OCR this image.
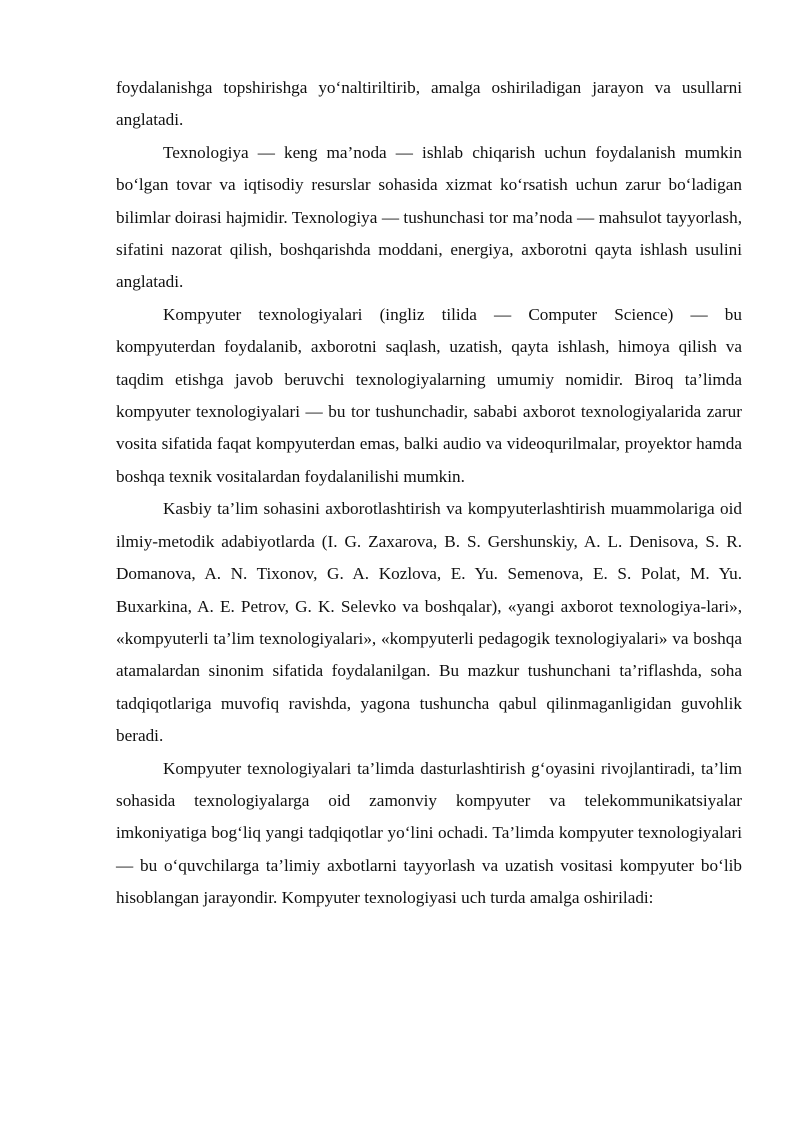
foydalanishga topshirishga yo‘naltiriltirib, amalga oshiriladigan jarayon va usullarni anglatadi.

Texnologiya — keng ma’noda — ishlab chiqarish uchun foydalanish mumkin bo‘lgan tovar va iqtisodiy resurslar sohasida xizmat ko‘rsatish uchun zarur bo‘ladigan bilimlar doirasi hajmidir. Texnologiya — tushunchasi tor ma’noda — mahsulot tayyorlash, sifatini nazorat qilish, boshqarishda moddani, energiya, axborotni qayta ishlash usulini anglatadi.

Kompyuter texnologiyalari (ingliz tilida — Computer Science) — bu kompyuterdan foydalanib, axborotni saqlash, uzatish, qayta ishlash, himoya qilish va taqdim etishga javob beruvchi texnologiyalarning umumiy nomidir. Biroq ta’limda kompyuter texnologiyalari — bu tor tushunchadir, sababi axborot texnologiyalarida zarur vosita sifatida faqat kompyuterdan emas, balki audio va videoqurilmalar, proyektor hamda boshqa texnik vositalardan foydalanilishi mumkin.

Kasbiy ta’lim sohasini axborotlashtirish va kompyuterlashtirish muammolariga oid ilmiy-metodik adabiyotlarda (I. G. Zaxarova, B. S. Gershunskiy, A. L. Denisova, S. R. Domanova, A. N. Tixonov, G. A. Kozlova, E. Yu. Semenova, E. S. Polat, M. Yu. Buxarkina, A. E. Petrov, G. K. Selevko va boshqalar), «yangi axborot texnologiya-lari», «kompyuterli ta’lim texnologiyalari», «kompyuterli pedagogik texnologiyalari» va boshqa atamalardan sinonim sifatida foydalanilgan. Bu mazkur tushunchani ta’riflashda, soha tadqiqotlariga muvofiq ravishda, yagona tushuncha qabul qilinmaganligidan guvohlik beradi.

Kompyuter texnologiyalari ta’limda dasturlashtirish g‘oyasini rivojlantiradi, ta’lim sohasida texnologiyalarga oid zamonviy kompyuter va telekommunikatsiyalar imkoniyatiga bog‘liq yangi tadqiqotlar yo‘lini ochadi. Ta’limda kompyuter texnologiyalari — bu o‘quvchilarga ta’limiy axbotlarni tayyorlash va uzatish vositasi kompyuter bo‘lib hisoblangan jarayondir. Kompyuter texnologiyasi uch turda amalga oshiriladi:
